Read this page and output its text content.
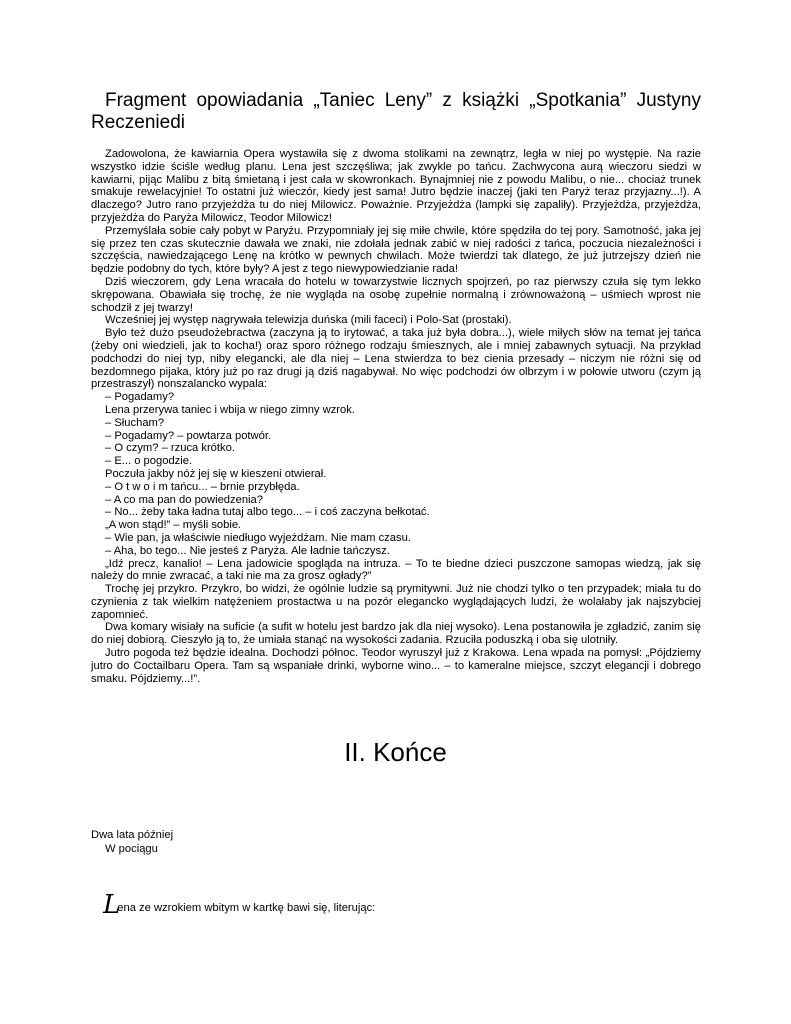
Fragment opowiadania „Taniec Leny” z książki „Spotkania” Justyny
Reczeniedi

Zadowolona, że kawiarnia Opera wystawiła się z dwoma stolikami na zewnątrz, legła w niej po występie. Na razie wszystko idzie ściśle według planu. Lena jest szczęśliwa; jak zwykle po tańcu. Zachwycona aurą wieczoru siedzi w kawiarni, pijąc Malibu z bitą śmietaną i jest cała w skowronkach. Bynajmniej nie z powodu Malibu, o nie... chociaż trunek smakuje rewelacyjnie! To ostatni już wieczór, kiedy jest sama! Jutro będzie inaczej (jaki ten Paryż teraz przyjazny...!). A dlaczego? Jutro rano przyjeżdża tu do niej Milowicz. Poważnie. Przyjeżdża (lampki się zapaliły). Przyjeżdża, przyjeżdża, przyjeżdża do Paryża Milowicz, Teodor Milowicz!

Przemyślała sobie cały pobyt w Paryżu. Przypomniały jej się miłe chwile, które spędziła do tej pory. Samotność, jaka jej się przez ten czas skutecznie dawała we znaki, nie zdołała jednak zabić w niej radości z tańca, poczucia niezależności i szczęścia, nawiedzającego Lenę na krótko w pewnych chwilach. Może twierdzi tak dlatego, że już jutrzejszy dzień nie będzie podobny do tych, które były? A jest z tego niewypowiedzianie rada!

Dziś wieczorem, gdy Lena wracała do hotelu w towarzystwie licznych spojrzeń, po raz pierwszy czuła się tym lekko skrępowana. Obawiała się trochę, że nie wygląda na osobę zupełnie normalną i zrównoważoną – uśmiech wprost nie schodził z jej twarzy!

Wcześniej jej występ nagrywała telewizja duńska (mili faceci) i Polo-Sat (prostaki).

Było też dużo pseudożebractwa (zaczyna ją to irytować, a taka już była dobra...), wiele miłych słów na temat jej tańca (żeby oni wiedzieli, jak to kocha!) oraz sporo różnego rodzaju śmiesznych, ale i mniej zabawnych sytuacji. Na przykład podchodzi do niej typ, niby elegancki, ale dla niej – Lena stwierdza to bez cienia przesady – niczym nie różni się od bezdomnego pijaka, który już po raz drugi ją dziś nagabywał. No więc podchodzi ów olbrzym i w połowie utworu (czym ją przestraszył) nonszalancko wypala:

– Pogadamy?

Lena przerywa taniec i wbija w niego zimny wzrok.

– Słucham?

– Pogadamy? – powtarza potwór.

– O czym? – rzuca krótko.

– E... o pogodzie.

Poczuła jakby nóż jej się w kieszeni otwierał.

– O t w o i m tańcu... – brnie przybłęda.

– A co ma pan do powiedzenia?

– No... żeby taka ładna tutaj albo tego... – i coś zaczyna bełkotać.

„A won stąd!” – myśli sobie.

– Wie pan, ja właściwie niedługo wyjeżdżam. Nie mam czasu.

– Aha, bo tego... Nie jesteś z Paryża. Ale ładnie tańczysz.

„Idź precz, kanalio! – Lena jadowicie spogląda na intruza. – To te biedne dzieci puszczone samopas wiedzą, jak się należy do mnie zwracać, a taki nie ma za grosz ogłady?”

Trochę jej przykro. Przykro, bo widzi, że ogólnie ludzie są prymitywni. Już nie chodzi tylko o ten przypadek; miała tu do czynienia z tak wielkim natężeniem prostactwa u na pozór elegancko wyglądających ludzi, że wolałaby jak najszybciej zapomnieć.

Dwa komary wisiały na suficie (a sufit w hotelu jest bardzo jak dla niej wysoko). Lena postanowiła je zgładzić, zanim się do niej dobiorą. Cieszyło ją to, że umiała stanąć na wysokości zadania. Rzuciła poduszką i oba się ulotniły.

Jutro pogoda też będzie idealna. Dochodzi północ. Teodor wyruszył już z Krakowa. Lena wpada na pomysł: „Pójdziemy jutro do Coctailbaru Opera. Tam są wspaniałe drinki, wyborne wino... – to kameralne miejsce, szczyt elegancji i dobrego smaku. Pójdziemy...!”.

II. Końce
Dwa lata później
W pociągu
Lena ze wzrokiem wbitym w kartkę bawi się, literując:
